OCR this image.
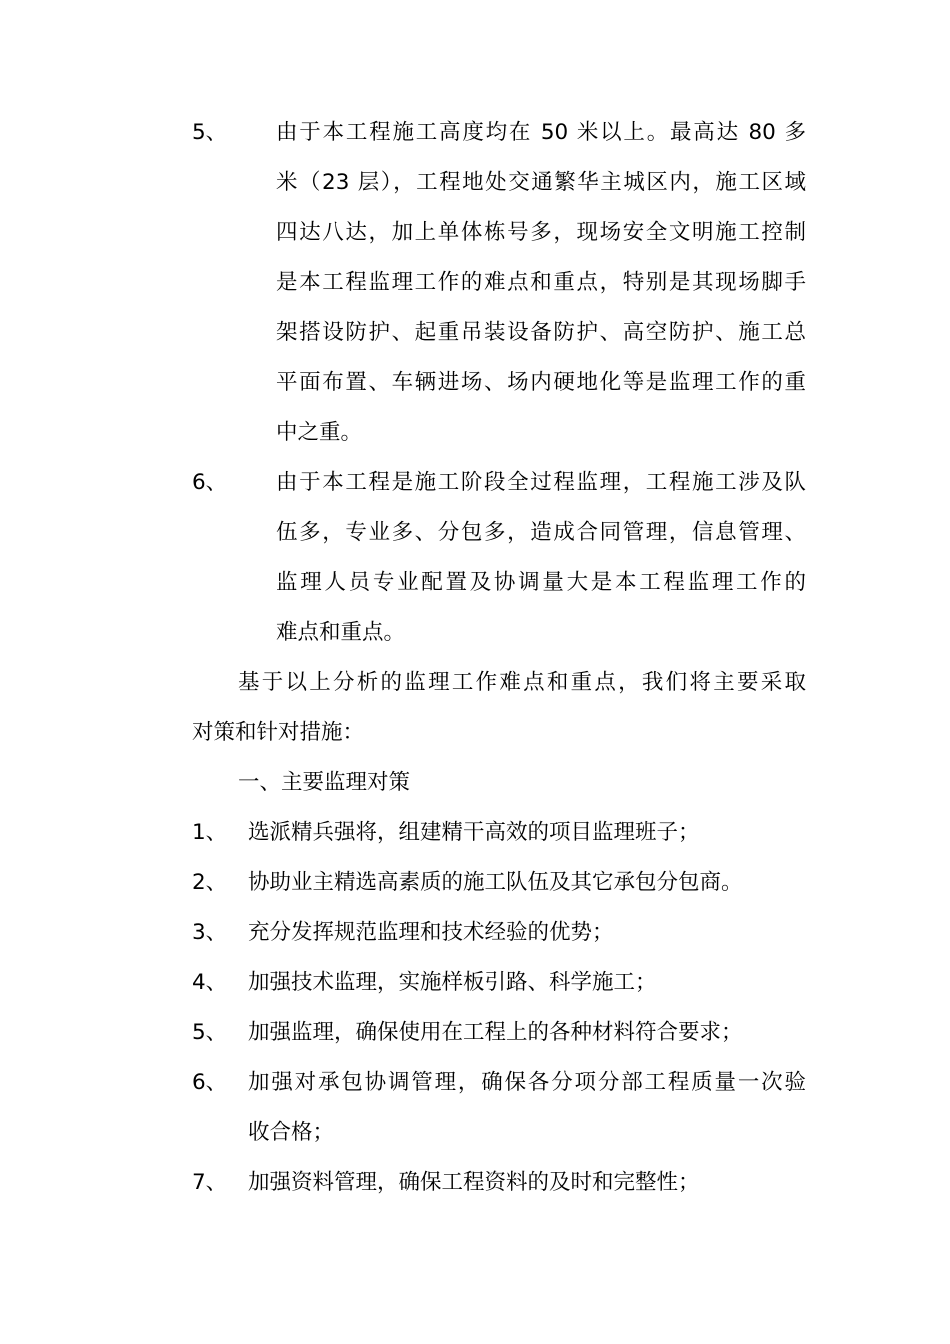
5、 由于本工程施工高度均在 50 米以上。最高达 80 多
米（23 层），工程地处交通繁华主城区内，施工区域
四达八达，加上单体栋号多，现场安全文明施工控制
是本工程监理工作的难点和重点，特别是其现场脚手
架搭设防护、起重吊装设备防护、高空防护、施工总
平面布置、车辆进场、场内硬地化等是监理工作的重
中之重。
6、 由于本工程是施工阶段全过程监理，工程施工涉及队
伍多，专业多、分包多，造成合同管理，信息管理、
监理人员专业配置及协调量大是本工程监理工作的
难点和重点。
基于以上分析的监理工作难点和重点，我们将主要采取
对策和针对措施：
一、主要监理对策
1、 选派精兵强将，组建精干高效的项目监理班子；
2、 协助业主精选高素质的施工队伍及其它承包分包商。
3、 充分发挥规范监理和技术经验的优势；
4、 加强技术监理，实施样板引路、科学施工；
5、 加强监理，确保使用在工程上的各种材料符合要求；
6、 加强对承包协调管理，确保各分项分部工程质量一次验
收合格；
7、 加强资料管理，确保工程资料的及时和完整性；
